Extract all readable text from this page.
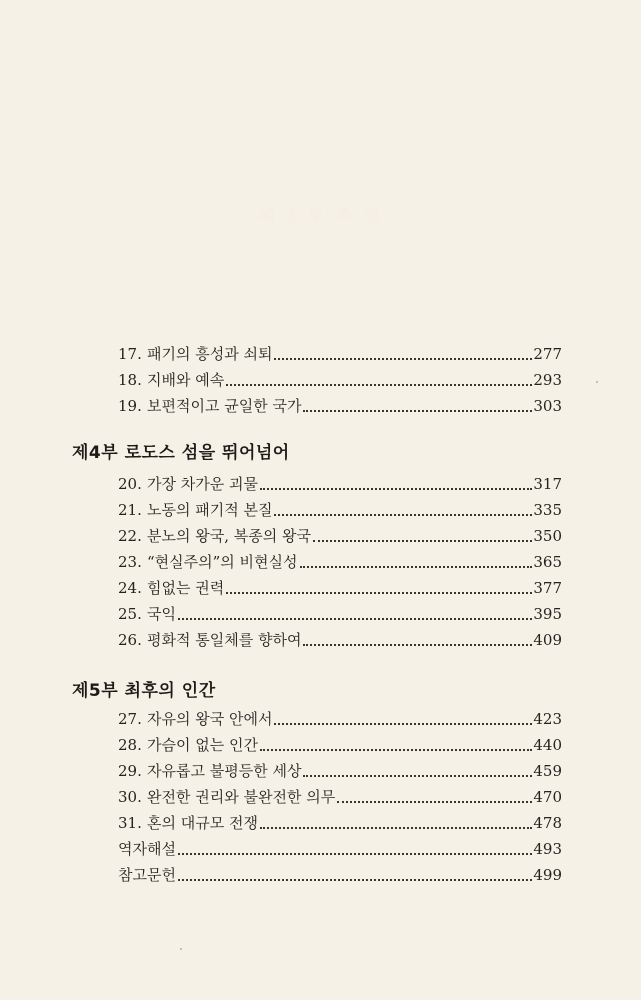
제 3 부 주 권
17. 패기의 흥성과 쇠퇴	277
18. 지배와 예속	293
19. 보편적이고 균일한 국가	303
제4부 로도스 섬을 뛰어넘어
20. 가장 차가운 괴물	317
21. 노동의 패기적 본질	335
22. 분노의 왕국, 복종의 왕국	350
23. “현실주의”의 비현실성	365
24. 힘없는 권력	377
25. 국익	395
26. 평화적 통일체를 향하여	409
제5부 최후의 인간
27. 자유의 왕국 안에서	423
28. 가슴이 없는 인간	440
29. 자유롭고 불평등한 세상	459
30. 완전한 권리와 불완전한 의무	470
31. 혼의 대규모 전쟁	478
역자해설	493
참고문헌	499
